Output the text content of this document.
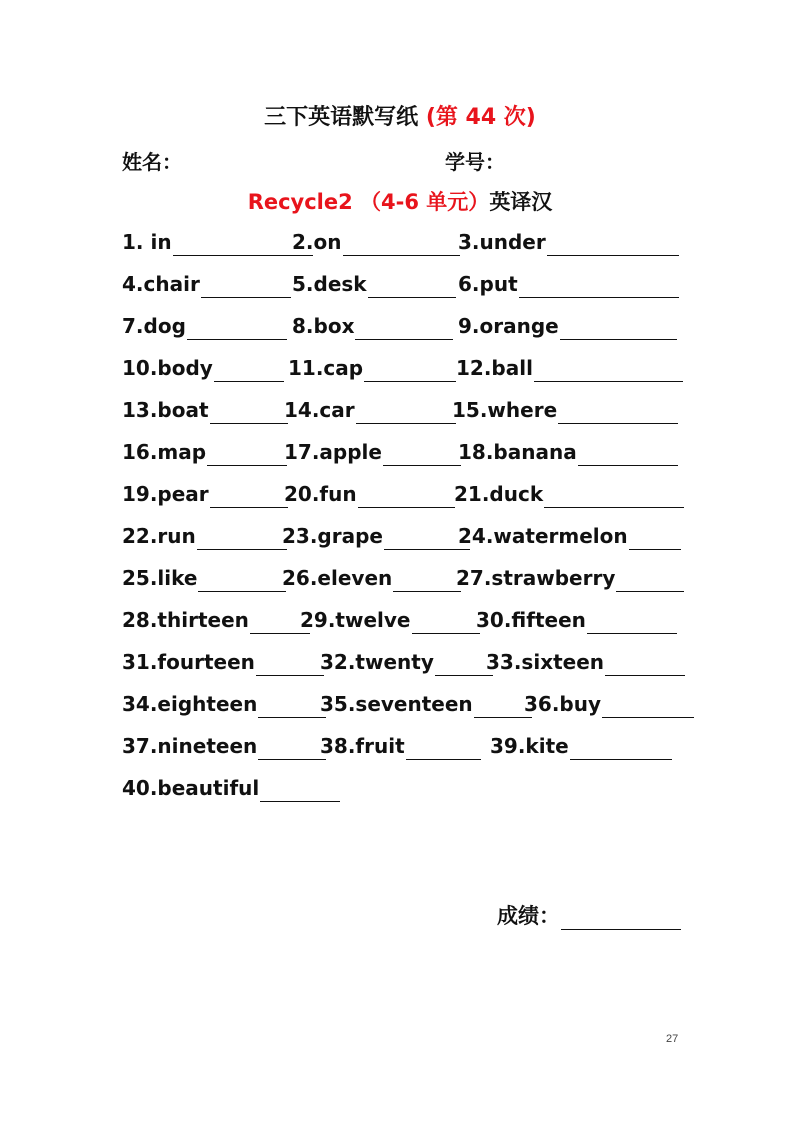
三下英语默写纸 (第 44 次)
姓名：	学号：
Recycle2 （4-6 单元）英译汉
1. in	2.on	3.under
4.chair	5.desk	6.put
7.dog	8.box	9.orange
10.body	11.cap	12.ball
13.boat	14.car	15.where
16.map	17.apple	18.banana
19.pear	20.fun	21.duck
22.run	23.grape	24.watermelon
25.like	26.eleven	27.strawberry
28.thirteen	29.twelve	30.fifteen
31.fourteen	32.twenty	33.sixteen
34.eighteen	35.seventeen	36.buy
37.nineteen	38.fruit	39.kite
40.beautiful
成绩：
27
